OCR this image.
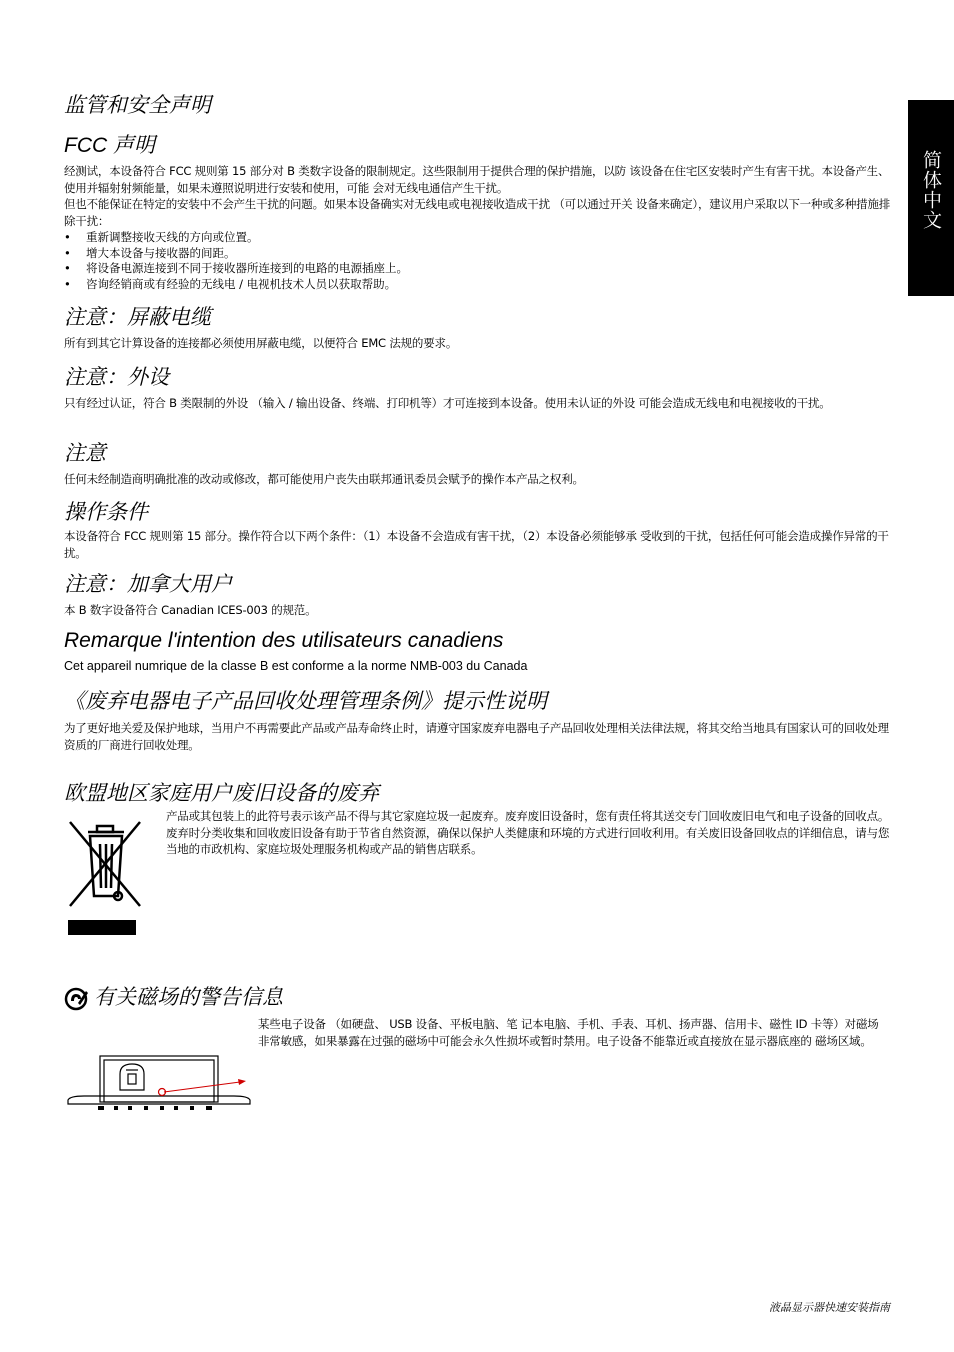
简体中文
监管和安全声明
FCC 声明

经测试，本设备符合 FCC 规则第 15 部分对 B 类数字设备的限制规定。这些限制用于提供合理的保护措施，以防 该设备在住宅区安装时产生有害干扰。本设备产生、使用并辐射射频能量，如果未遵照说明进行安装和使用，可能 会对无线电通信产生干扰。

但也不能保证在特定的安装中不会产生干扰的问题。如果本设备确实对无线电或电视接收造成干扰 （可以通过开关 设备来确定），建议用户采取以下一种或多种措施排除干扰：

• 重新调整接收天线的方向或位置。
• 增大本设备与接收器的间距。
• 将设备电源连接到不同于接收器所连接到的电路的电源插座上。
• 咨询经销商或有经验的无线电 / 电视机技术人员以获取帮助。
注意：屏蔽电缆

所有到其它计算设备的连接都必须使用屏蔽电缆，以便符合 EMC 法规的要求。

注意：外设

只有经过认证，符合 B 类限制的外设 （输入 / 输出设备、终端、打印机等）才可连接到本设备。使用未认证的外设 可能会造成无线电和电视接收的干扰。

注意

任何未经制造商明确批准的改动或修改，都可能使用户丧失由联邦通讯委员会赋予的操作本产品之权利。

操作条件

本设备符合 FCC 规则第 15 部分。操作符合以下两个条件：（1）本设备不会造成有害干扰，（2）本设备必须能够承 受收到的干扰，包括任何可能会造成操作异常的干扰。

注意：加拿大用户

本 B 数字设备符合 Canadian ICES-003 的规范。

Remarque l'intention des utilisateurs canadiens

Cet appareil numrique de la classe B est conforme a la norme NMB-003 du Canada

《废弃电器电子产品回收处理管理条例》提示性说明

为了更好地关爱及保护地球，当用户不再需要此产品或产品寿命终止时，请遵守国家废弃电器电子产品回收处理相关法律法规，将其交给当地具有国家认可的回收处理资质的厂商进行回收处理。

欧盟地区家庭用户废旧设备的废弃

产品或其包装上的此符号表示该产品不得与其它家庭垃圾一起废弃。废弃废旧设备时，您有责任将其送交专门回收废旧电气和电子设备的回收点。废弃时分类收集和回收废旧设备有助于节省自然资源，确保以保护人类健康和环境的方式进行回收利用。有关废旧设备回收点的详细信息，请与您当地的市政机构、家庭垃圾处理服务机构或产品的销售店联系。

有关磁场的警告信息

某些电子设备 （如硬盘、 USB 设备、平板电脑、笔 记本电脑、手机、手表、耳机、扬声器、信用卡、磁性 ID 卡等）对磁场非常敏感，如果暴露在过强的磁场中可能会永久性损坏或暂时禁用。电子设备不能靠近或直接放在显示器底座的 磁场区域。

液晶显示器快速安装指南
